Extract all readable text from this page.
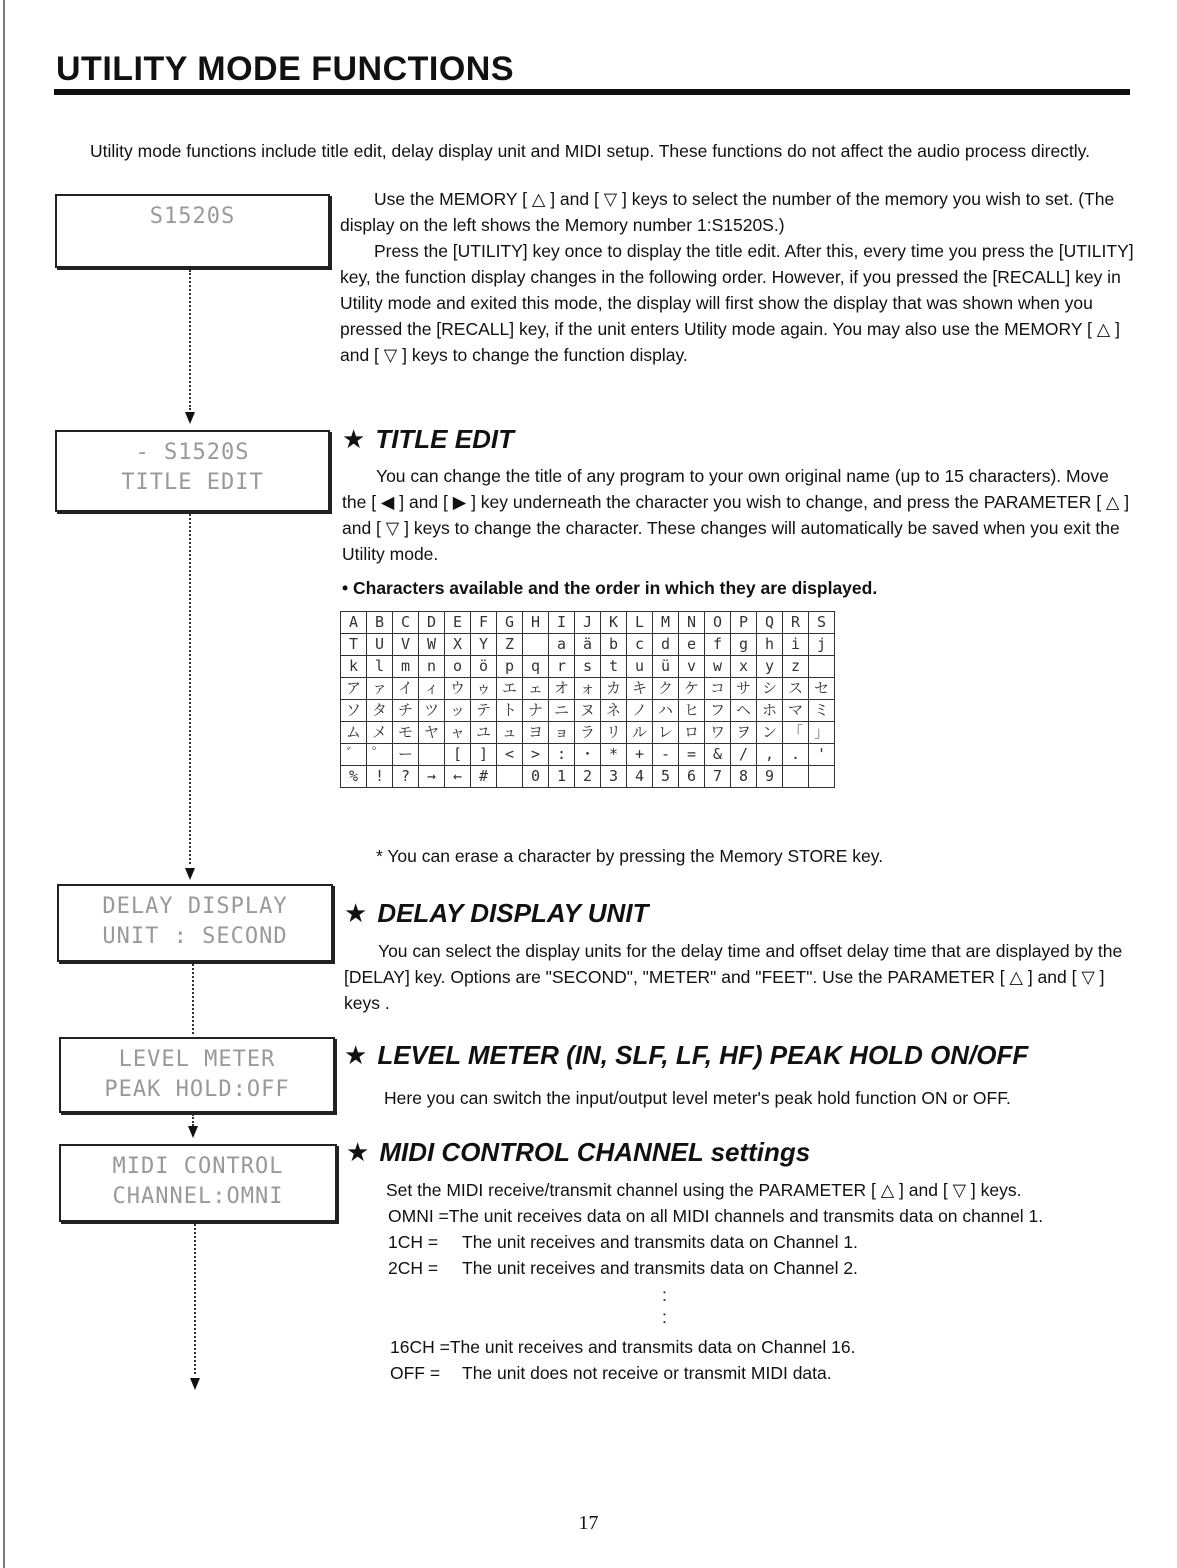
UTILITY MODE FUNCTIONS

Utility mode functions include title edit, delay display unit and MIDI setup. These functions do not affect the audio process directly.

S1520S
- S1520S
TITLE EDIT
DELAY DISPLAY
UNIT : SECOND
LEVEL METER
PEAK HOLD:OFF
MIDI CONTROL
CHANNEL:OMNI

Use the MEMORY [ △ ] and [ ▽ ] keys to select the number of the memory you wish to set. (The display on the left shows the Memory number 1:S1520S.)

Press the [UTILITY] key once to display the title edit. After this, every time you press the [UTILITY] key, the function display changes in the following order. However, if you pressed the [RECALL] key in Utility mode and exited this mode, the display will first show the display that was shown when you pressed the [RECALL] key, if the unit enters Utility mode again. You may also use the MEMORY [ △ ] and [ ▽ ] keys to change the function display.

★ TITLE EDIT

You can change the title of any program to your own original name (up to 15 characters). Move the [ ◀ ] and [ ▶ ] key underneath the character you wish to change, and press the PARAMETER [ △ ] and [ ▽ ] keys to change the character. These changes will automatically be saved when you exit the Utility mode.

• Characters available and the order in which they are displayed.

A	B	C	D	E	F	G	H	I	J	K	L	M	N	O	P	Q	R	S
T	U	V	W	X	Y	Z		a	ä	b	c	d	e	f	g	h	i	j
k	l	m	n	o	ö	p	q	r	s	t	u	ü	v	w	x	y	z	
ア	ァ	イ	ィ	ウ	ゥ	エ	ェ	オ	ォ	カ	キ	ク	ケ	コ	サ	シ	ス	セ
ソ	タ	チ	ツ	ッ	テ	ト	ナ	ニ	ヌ	ネ	ノ	ハ	ヒ	フ	ヘ	ホ	マ	ミ
ム	メ	モ	ヤ	ャ	ユ	ュ	ヨ	ョ	ラ	リ	ル	レ	ロ	ワ	ヲ	ン	「	」
゛	゜	ー		[	]	<	>	:	・	*	+	-	=	&	/	,	.	'
%	!	?	→	←	#		0	1	2	3	4	5	6	7	8	9		

* You can erase a character by pressing the Memory STORE key.

★ DELAY DISPLAY UNIT

You can select the display units for the delay time and offset delay time that are displayed by the [DELAY] key. Options are "SECOND", "METER" and "FEET". Use the PARAMETER [ △ ] and [ ▽ ] keys .

★ LEVEL METER (IN, SLF, LF, HF) PEAK HOLD ON/OFF

Here you can switch the input/output level meter's peak hold function ON or OFF.

★ MIDI CONTROL CHANNEL settings

Set the MIDI receive/transmit channel using the PARAMETER [ △ ] and [ ▽ ] keys.

OMNI =The unit receives data on all MIDI channels and transmits data on channel 1.
1CH = The unit receives and transmits data on Channel 1.
2CH = The unit receives and transmits data on Channel 2.
:
:
16CH =The unit receives and transmits data on Channel 16.
OFF = The unit does not receive or transmit MIDI data.
17
